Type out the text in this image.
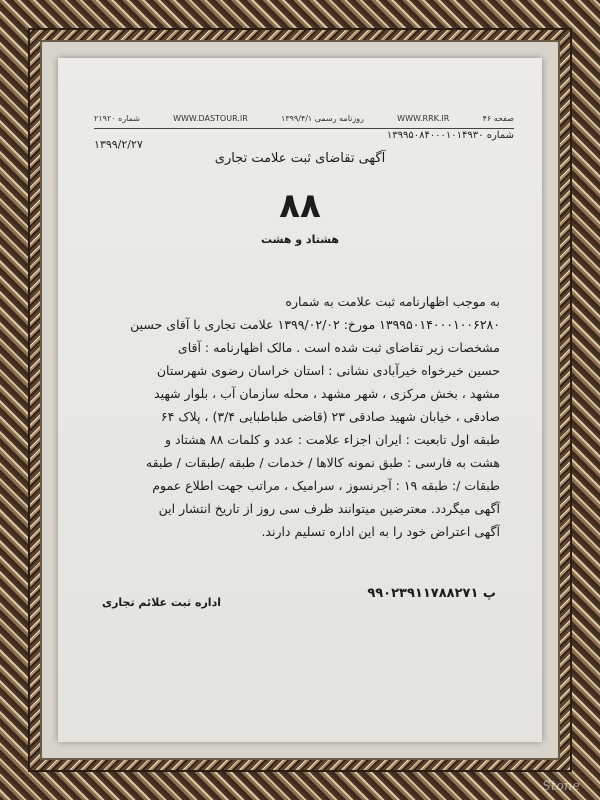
صفحه ۴۶
WWW.RRK.IR
روزنامه رسمی ۱۳۹۹/۴/۱
WWW.DASTOUR.IR
شماره ۲۱۹۲۰
شماره ۱۳۹۹۵۰۸۴۰۰۰۱۰۱۴۹۳۰
۱۳۹۹/۲/۲۷
آگهی تقاضای ثبت علامت تجاری
۸۸
هشتاد و هشت
به موجب اظهارنامه ثبت علامت به شماره
۱۳۹۹۵۰۱۴۰۰۰۱۰۰۶۲۸۰ مورخ: ۱۳۹۹/۰۲/۰۲ علامت تجاری با آقای حسین
مشخصات زیر تقاضای ثبت شده است . مالک اظهارنامه : آقای
حسین خیرخواه خیرآبادی نشانی : استان خراسان رضوی شهرستان
مشهد ، بخش مرکزی ، شهر مشهد ، محله سازمان آب ، بلوار شهید
صادقی ، خیابان شهید صادقی ۲۳ (قاضی طباطبایی ۳/۴) ، پلاک ۶۴
طبقه اول تابعیت : ایران اجزاء علامت : عدد و کلمات ۸۸ هشتاد و
هشت به فارسی : طبق نمونه کالاها / خدمات / طبقه /طبقات / طبقه
طبقات /: طبقه ۱۹ : آجرنسوز ، سرامیک ، مراتب جهت اطلاع عموم
آگهی میگردد. معترضین میتوانند ظرف سی روز از تاریخ انتشار این
آگهی اعتراض خود را به این اداره تسلیم دارند.
پ ۹۹۰۲۳۹۱۱۷۸۸۲۷۱
اداره ثبت علائم تجاری
Stone
